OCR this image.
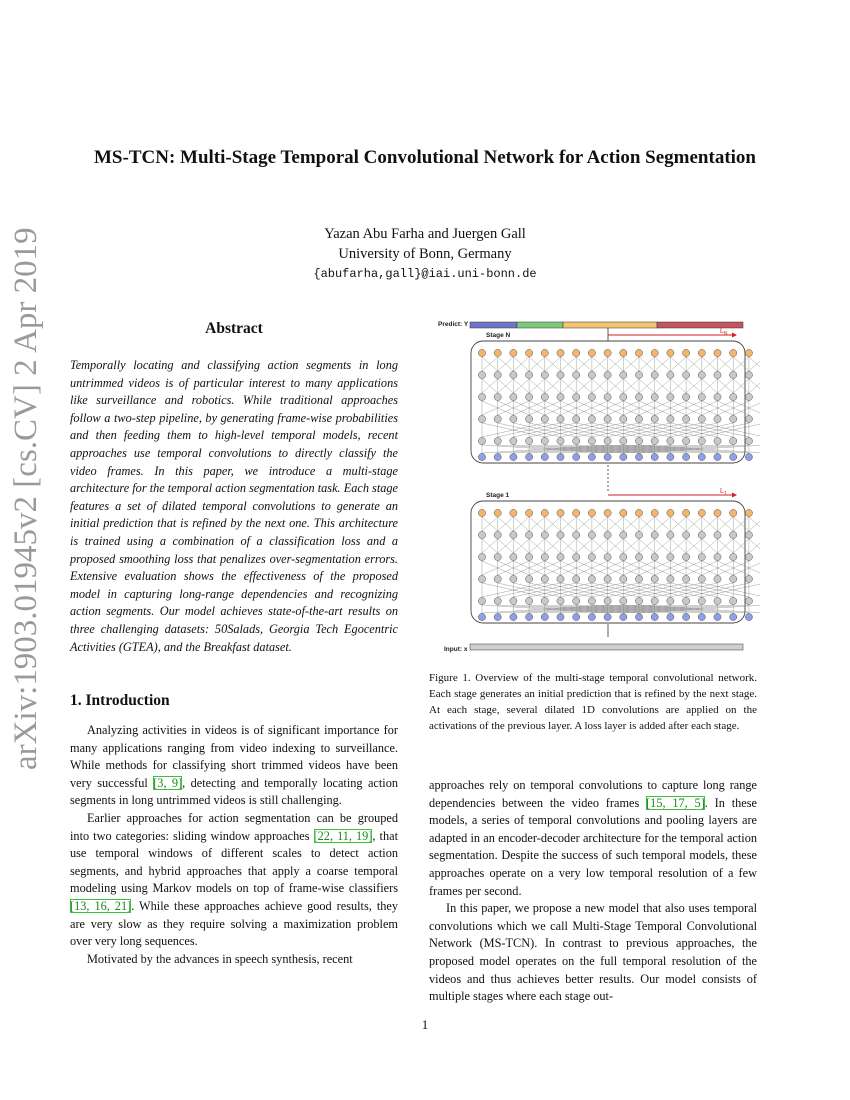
MS-TCN: Multi-Stage Temporal Convolutional Network for Action Segmentation
Yazan Abu Farha and Juergen Gall
University of Bonn, Germany
{abufarha,gall}@iai.uni-bonn.de
arXiv:1903.01945v2 [cs.CV] 2 Apr 2019	Abstract
Temporally locating and classifying action segments in long untrimmed videos is of particular interest to many applications like surveillance and robotics. While traditional approaches follow a two-step pipeline, by generating frame-wise probabilities and then feeding them to high-level temporal models, recent approaches use temporal convolutions to directly classify the video frames. In this paper, we introduce a multi-stage architecture for the temporal action segmentation task. Each stage features a set of dilated temporal convolutions to generate an initial prediction that is refined by the next one. This architecture is trained using a combination of a classification loss and a proposed smoothing loss that penalizes over-segmentation errors. Extensive evaluation shows the effectiveness of the proposed model in capturing long-range dependencies and recognizing action segments. Our model achieves state-of-the-art results on three challenging datasets: 50Salads, Georgia Tech Egocentric Activities (GTEA), and the Breakfast dataset.
1. Introduction

Analyzing activities in videos is of significant importance for many applications ranging from video indexing to surveillance. While methods for classifying short trimmed videos have been very successful [3, 9], detecting and temporally locating action segments in long untrimmed videos is still challenging.

Earlier approaches for action segmentation can be grouped into two categories: sliding window approaches [22, 11, 19], that use temporal windows of different scales to detect action segments, and hybrid approaches that apply a coarse temporal modeling using Markov models on top of frame-wise classifiers [13, 16, 21]. While these approaches achieve good results, they are very slow as they require solving a maximization problem over very long sequences.

Motivated by the advances in speech synthesis, recent

Predict: Y
Stage N
$L_N$
Stage 1
$L_1$
Input: x
Figure 1. Overview of the multi-stage temporal convolutional network. Each stage generates an initial prediction that is refined by the next stage. At each stage, several dilated 1D convolutions are applied on the activations of the previous layer. A loss layer is added after each stage.

approaches rely on temporal convolutions to capture long range dependencies between the video frames [15, 17, 5]. In these models, a series of temporal convolutions and pooling layers are adapted in an encoder-decoder architecture for the temporal action segmentation. Despite the success of such temporal models, these approaches operate on a very low temporal resolution of a few frames per second.

In this paper, we propose a new model that also uses temporal convolutions which we call Multi-Stage Temporal Convolutional Network (MS-TCN). In contrast to previous approaches, the proposed model operates on the full temporal resolution of the videos and thus achieves better results. Our model consists of multiple stages where each stage out-

1
